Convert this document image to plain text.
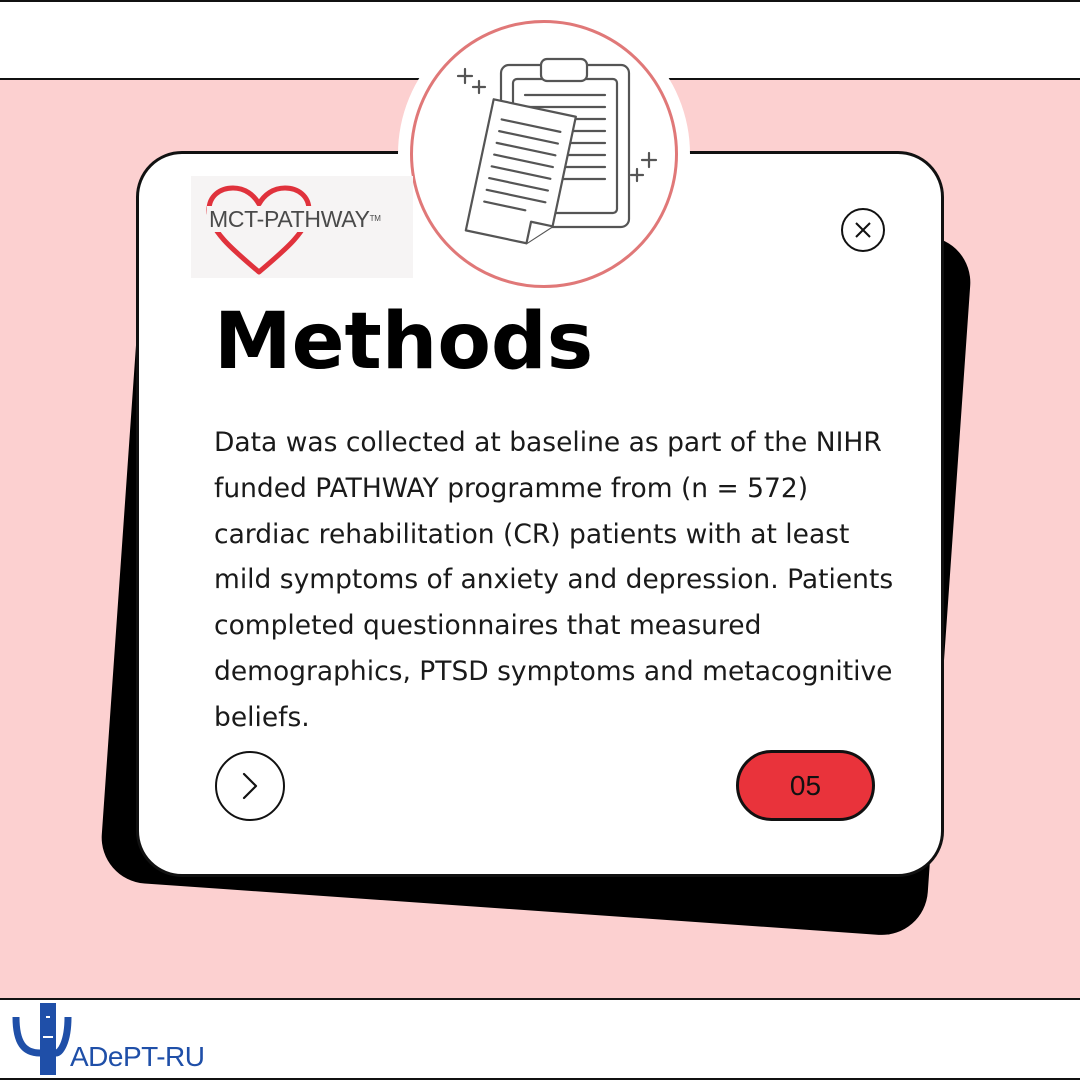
MCT-PATHWAY™
Methods

Data was collected at baseline as part of the NIHR funded PATHWAY programme from (n = 572) cardiac rehabilitation (CR) patients with at least mild symptoms of anxiety and depression. Patients completed questionnaires that measured demographics, PTSD symptoms and metacognitive beliefs.

05
ADePT-RU
